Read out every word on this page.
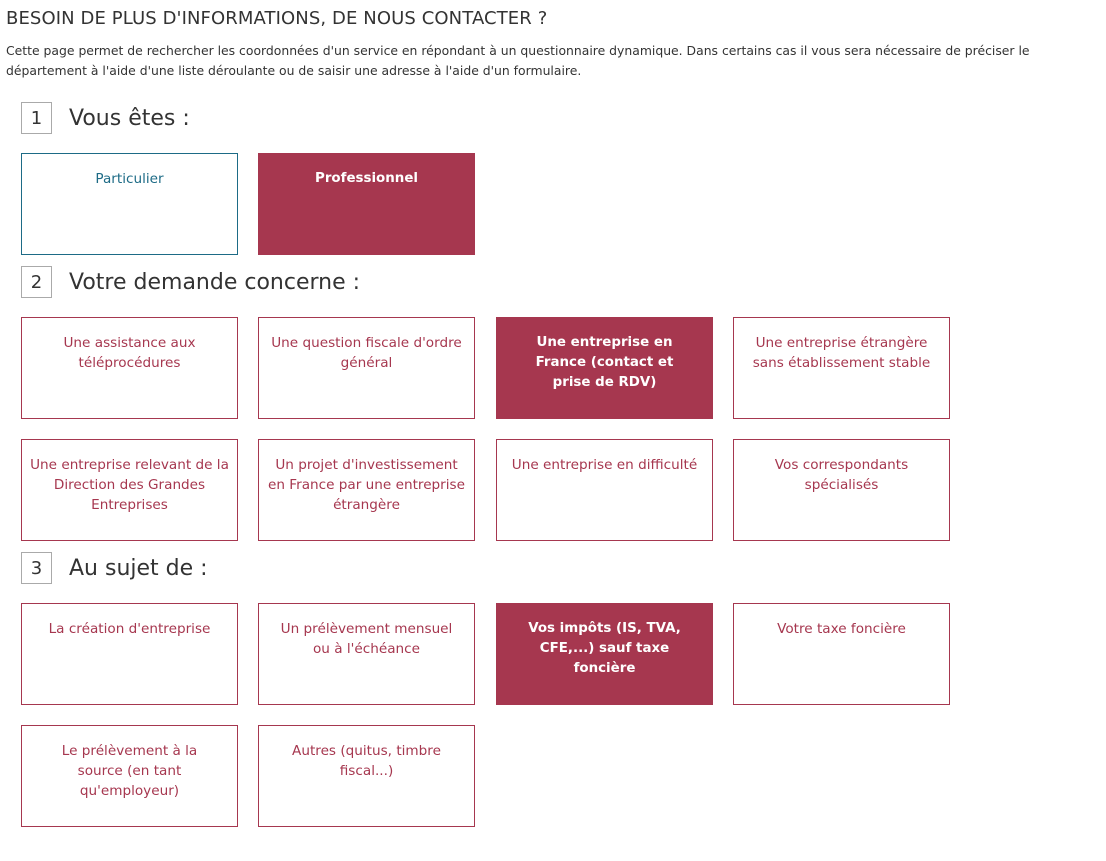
BESOIN DE PLUS D'INFORMATIONS, DE NOUS CONTACTER ?

Cette page permet de rechercher les coordonnées d'un service en répondant à un questionnaire dynamique. Dans certains cas il vous sera nécessaire de préciser le département à l'aide d'une liste déroulante ou de saisir une adresse à l'aide d'un formulaire.

1	Vous êtes :
Particulier	Professionnel
2	Votre demande concerne :
Une assistance aux téléprocédures
Une question fiscale d'ordre général
Une entreprise en France (contact et prise de RDV)
Une entreprise étrangère sans établissement stable
Une entreprise relevant de la Direction des Grandes Entreprises
Un projet d'investissement en France par une entreprise étrangère
Une entreprise en difficulté	Vos correspondants spécialisés
3	Au sujet de :
La création d'entreprise	Un prélèvement mensuel ou à l'échéance
Vos impôts (IS, TVA, CFE,...) sauf taxe foncière
Votre taxe foncière
Le prélèvement à la source (en tant qu'employeur)
Autres (quitus, timbre fiscal...)
